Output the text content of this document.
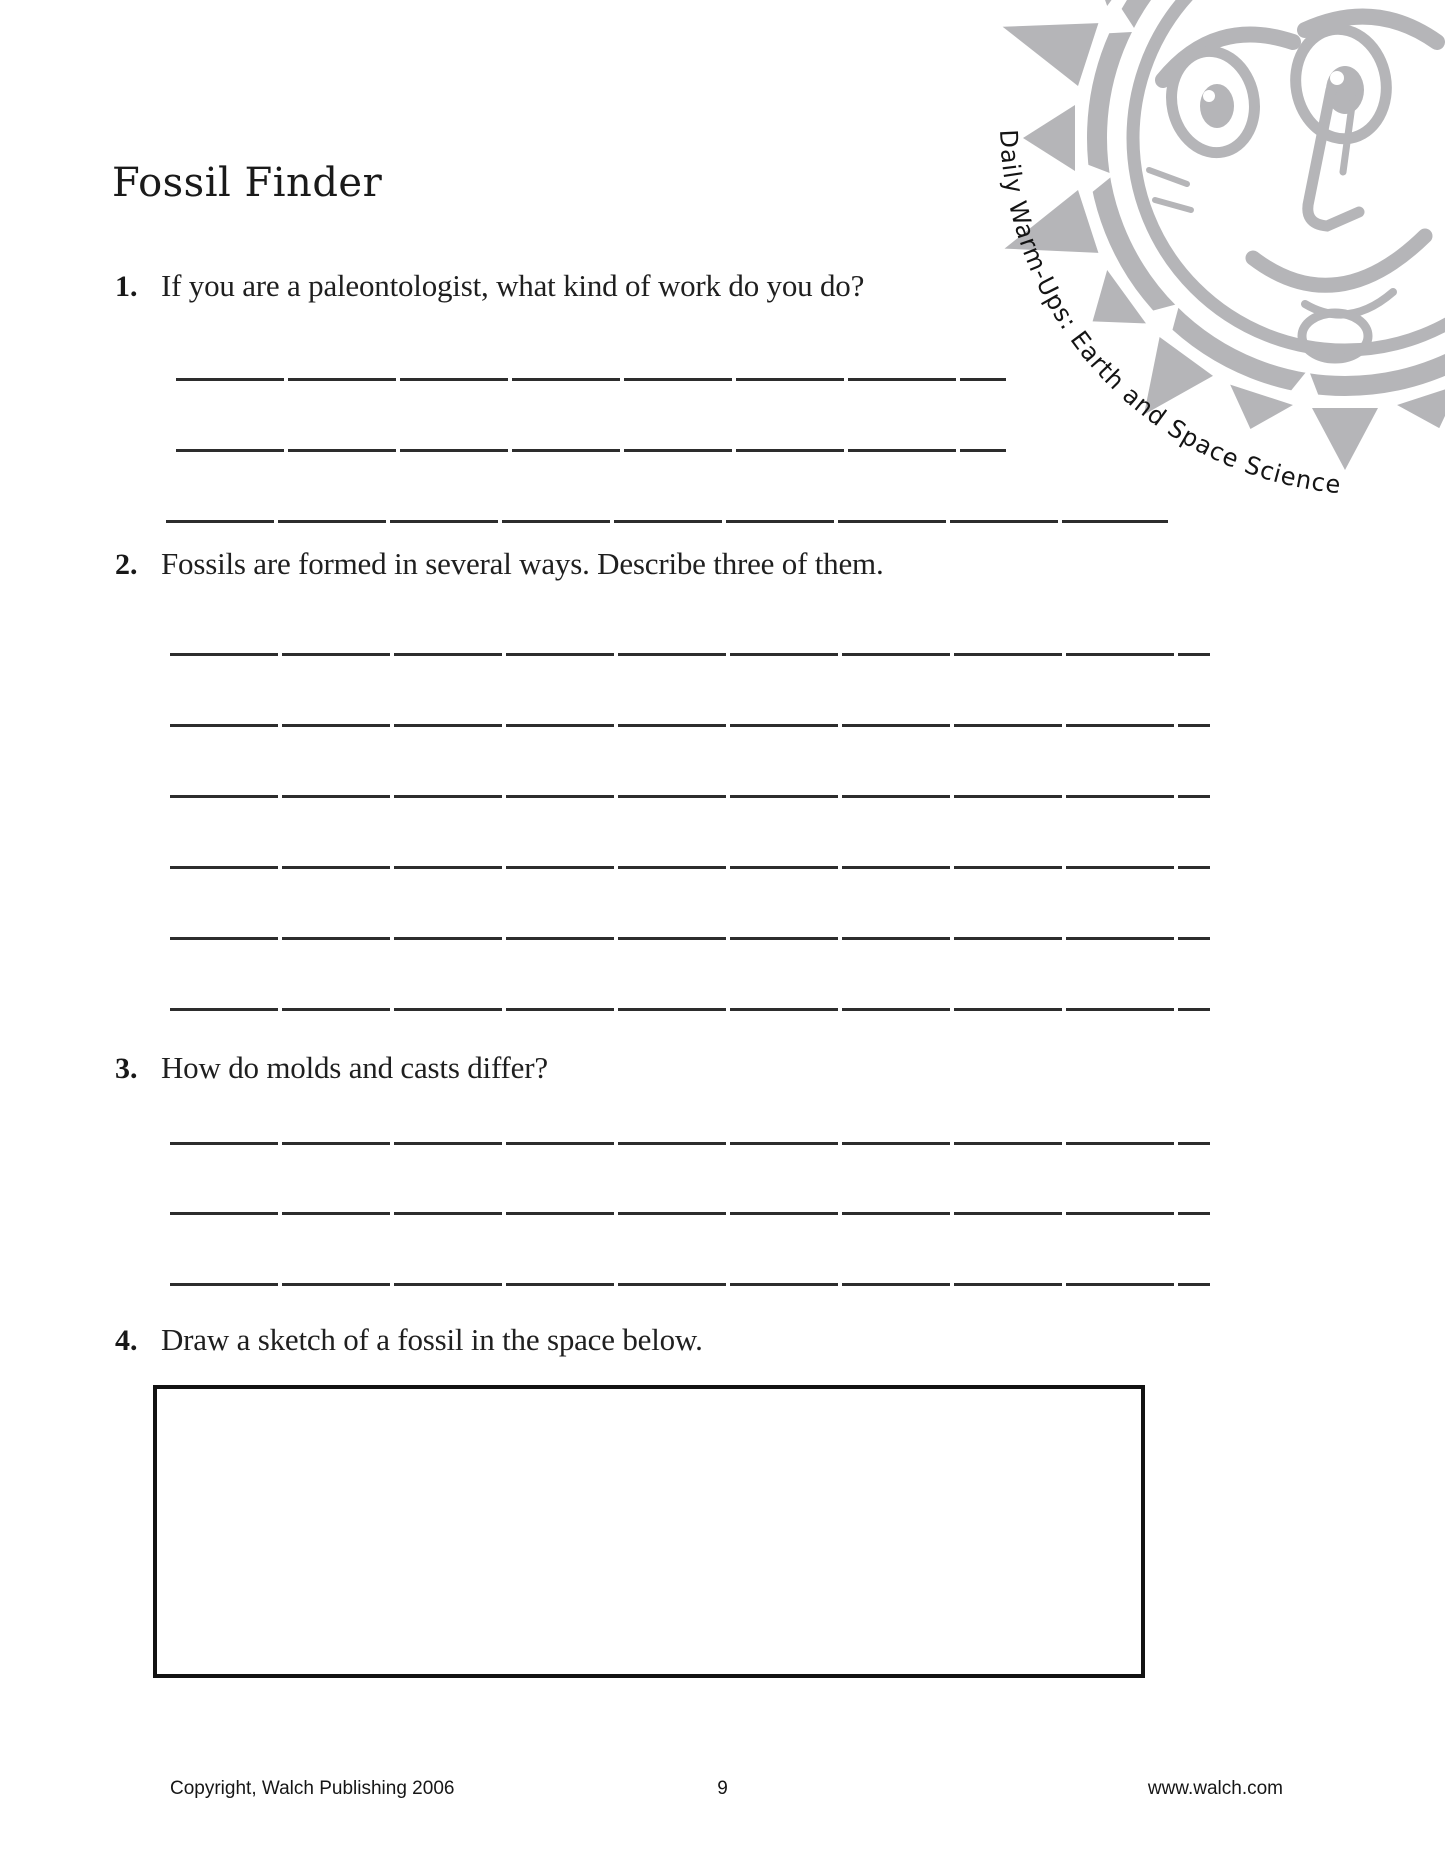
Daily Warm-Ups: Earth and Space Science
Fossil Finder
1. If you are a paleontologist, what kind of work do you do?
2. Fossils are formed in several ways. Describe three of them.
3. How do molds and casts differ?
4. Draw a sketch of a fossil in the space below.
Copyright, Walch Publishing 2006	9	www.walch.com
